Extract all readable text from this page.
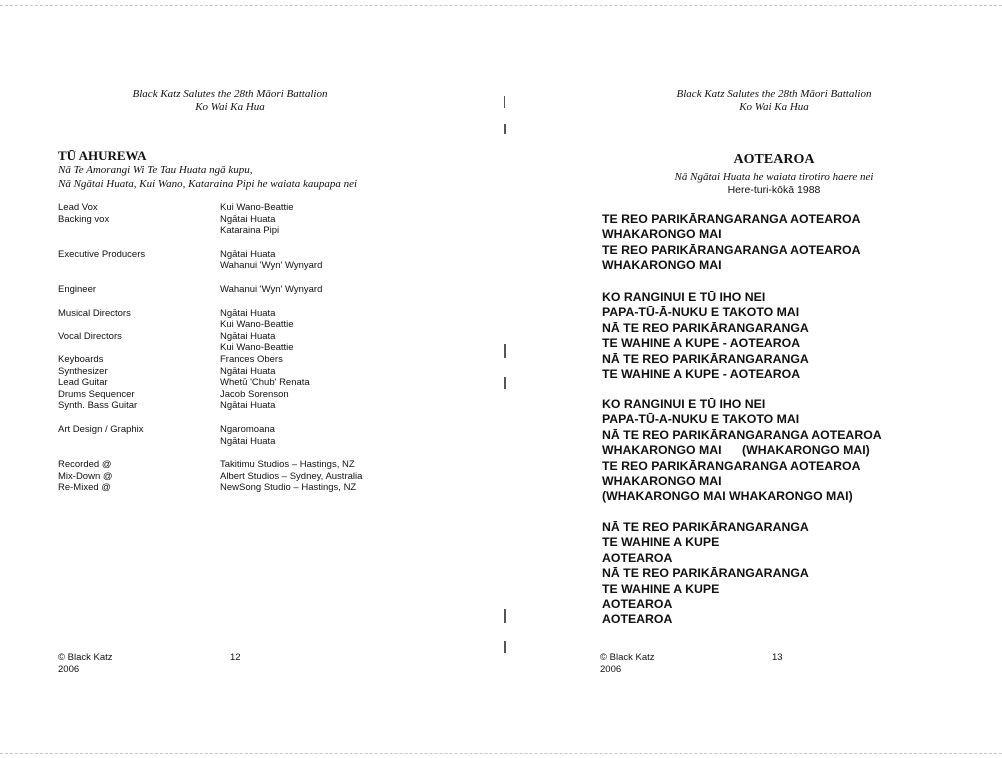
Black Katz Salutes the 28th Māori Battalion
Ko Wai Ka Hua
TŪ AHUREWA
Nā Te Amorangi Wi Te Tau Huata ngā kupu,
Nā Ngātai Huata, Kui Wano, Kataraina Pipi he waiata kaupapa nei
Lead Vox	Kui Wano-Beattie
Backing vox	Ngātai Huata
Kataraina Pipi
Executive Producers	Ngātai Huata
Wahanui 'Wyn' Wynyard
Engineer	Wahanui 'Wyn' Wynyard
Musical Directors	Ngātai Huata
Kui Wano-Beattie
Vocal Directors	Ngātai Huata
Kui Wano-Beattie
Keyboards	Frances Obers
Synthesizer	Ngātai Huata
Lead Guitar	Whetū 'Chub' Renata
Drums Sequencer	Jacob Sorenson
Synth. Bass Guitar	Ngātai Huata
Art Design / Graphix	Ngaromoana
Ngātai Huata
Recorded @	Takitimu Studios – Hastings, NZ
Mix-Down @	Albert Studios – Sydney, Australia
Re-Mixed @	NewSong Studio – Hastings, NZ
© Black Katz
2006
12
Black Katz Salutes the 28th Māori Battalion
Ko Wai Ka Hua
AOTEAROA
Nā Ngātai Huata he waiata tirotiro haere nei
Here-turi-kōkā 1988
© Black Katz
2006
13
TE REO PARIKĀRANGARANGA AOTEAROA
WHAKARONGO MAI
TE REO PARIKĀRANGARANGA AOTEAROA
WHAKARONGO MAI
KO RANGINUI E TŪ IHO NEI
PAPA-TŪ-Ā-NUKU E TAKOTO MAI
NĀ TE REO PARIKĀRANGARANGA
TE WAHINE A KUPE - AOTEAROA
NĀ TE REO PARIKĀRANGARANGA
TE WAHINE A KUPE - AOTEAROA
KO RANGINUI E TŪ IHO NEI
PAPA-TŪ-A-NUKU E TAKOTO MAI
NĀ TE REO PARIKĀRANGARANGA AOTEAROA
WHAKARONGO MAI      (WHAKARONGO MAI)
TE REO PARIKĀRANGARANGA AOTEAROA
WHAKARONGO MAI
(WHAKARONGO MAI WHAKARONGO MAI)
NĀ TE REO PARIKĀRANGARANGA
TE WAHINE A KUPE
AOTEAROA
NĀ TE REO PARIKĀRANGARANGA
TE WAHINE A KUPE
AOTEAROA
AOTEAROA
